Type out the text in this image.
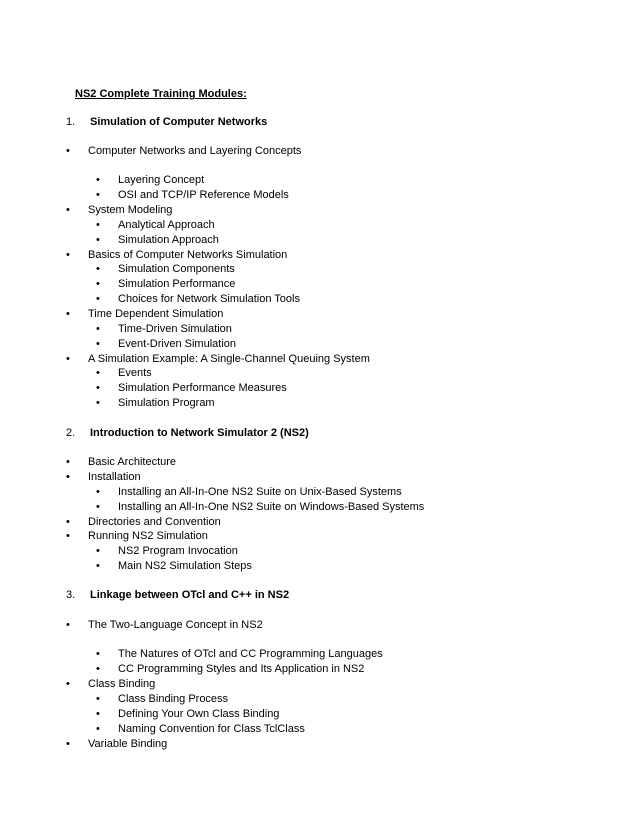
NS2 Complete Training Modules:
1. Simulation of Computer Networks
• Computer Networks and Layering Concepts
• Layering Concept
• OSI and TCP/IP Reference Models
• System Modeling
• Analytical Approach
• Simulation Approach
• Basics of Computer Networks Simulation
• Simulation Components
• Simulation Performance
• Choices for Network Simulation Tools
• Time Dependent Simulation
• Time-Driven Simulation
• Event-Driven Simulation
• A Simulation Example: A Single-Channel Queuing System
• Events
• Simulation Performance Measures
• Simulation Program
2. Introduction to Network Simulator 2 (NS2)
• Basic Architecture
• Installation
• Installing an All-In-One NS2 Suite on Unix-Based Systems
• Installing an All-In-One NS2 Suite on Windows-Based Systems
• Directories and Convention
• Running NS2 Simulation
• NS2 Program Invocation
• Main NS2 Simulation Steps
3. Linkage between OTcl and C++ in NS2
• The Two-Language Concept in NS2
• The Natures of OTcl and CC Programming Languages
• CC Programming Styles and Its Application in NS2
• Class Binding
• Class Binding Process
• Defining Your Own Class Binding
• Naming Convention for Class TclClass
• Variable Binding
